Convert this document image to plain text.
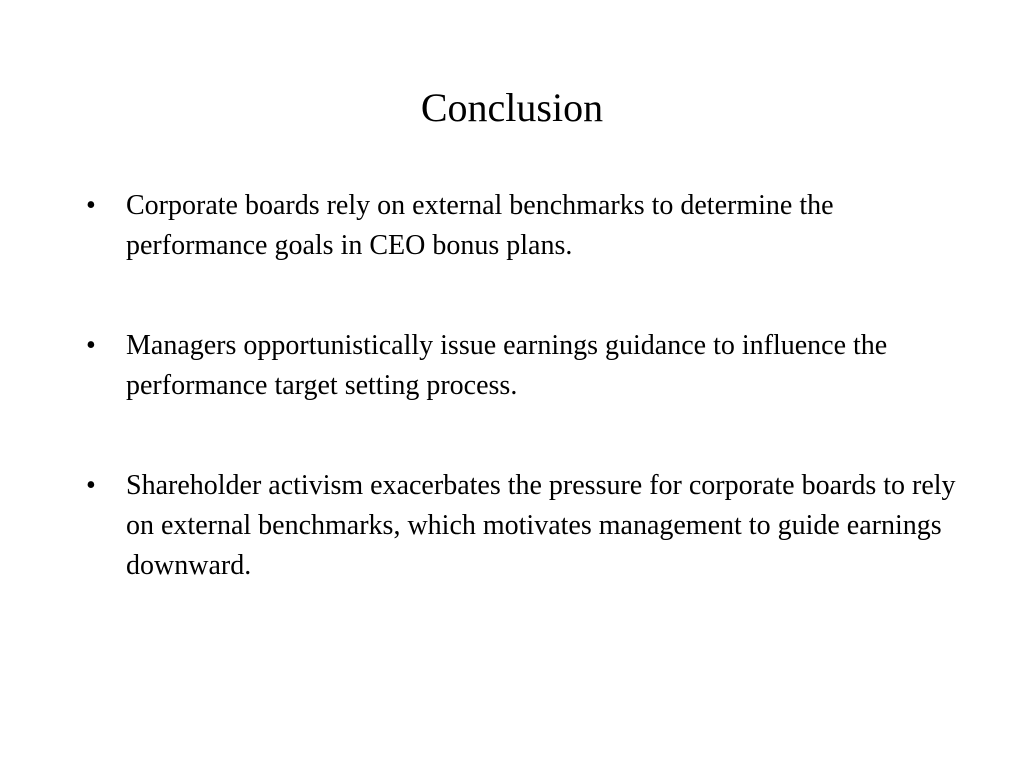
Conclusion
• Corporate boards rely on external benchmarks to determine the performance goals in CEO bonus plans.
• Managers opportunistically issue earnings guidance to influence the performance target setting process.
• Shareholder activism exacerbates the pressure for corporate boards to rely on external benchmarks, which motivates management to guide earnings downward.
